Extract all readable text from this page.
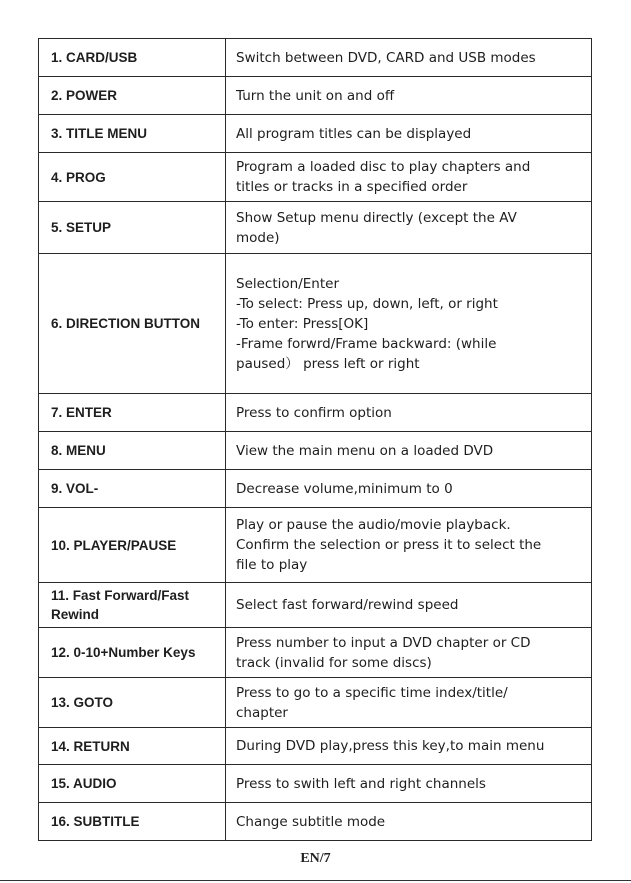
1. CARD/USB	Switch between DVD, CARD and USB modes
2. POWER	Turn the unit on and off
3. TITLE MENU	All program titles can be displayed
4. PROG	Program a loaded disc to play chapters and
titles or tracks in a specified order
5. SETUP	Show Setup menu directly (except the AV
mode)
6. DIRECTION BUTTON	Selection/Enter
-To select: Press up, down, left, or right
-To enter: Press[OK]
-Frame forwrd/Frame backward: (while
paused） press left or right
7. ENTER	Press to confirm option
8. MENU	View the main menu on a loaded DVD
9. VOL-	Decrease volume,minimum to 0
10. PLAYER/PAUSE	Play or pause the audio/movie playback.
Confirm the selection or press it to select the
file to play
11. Fast Forward/Fast
Rewind	Select fast forward/rewind speed
12. 0-10+Number Keys	Press number to input a DVD chapter or CD
track (invalid for some discs)
13. GOTO	Press to go to a specific time index/title/
chapter
14. RETURN	During DVD play,press this key,to main menu
15. AUDIO	Press to swith left and right channels
16. SUBTITLE	Change subtitle mode
EN/7
